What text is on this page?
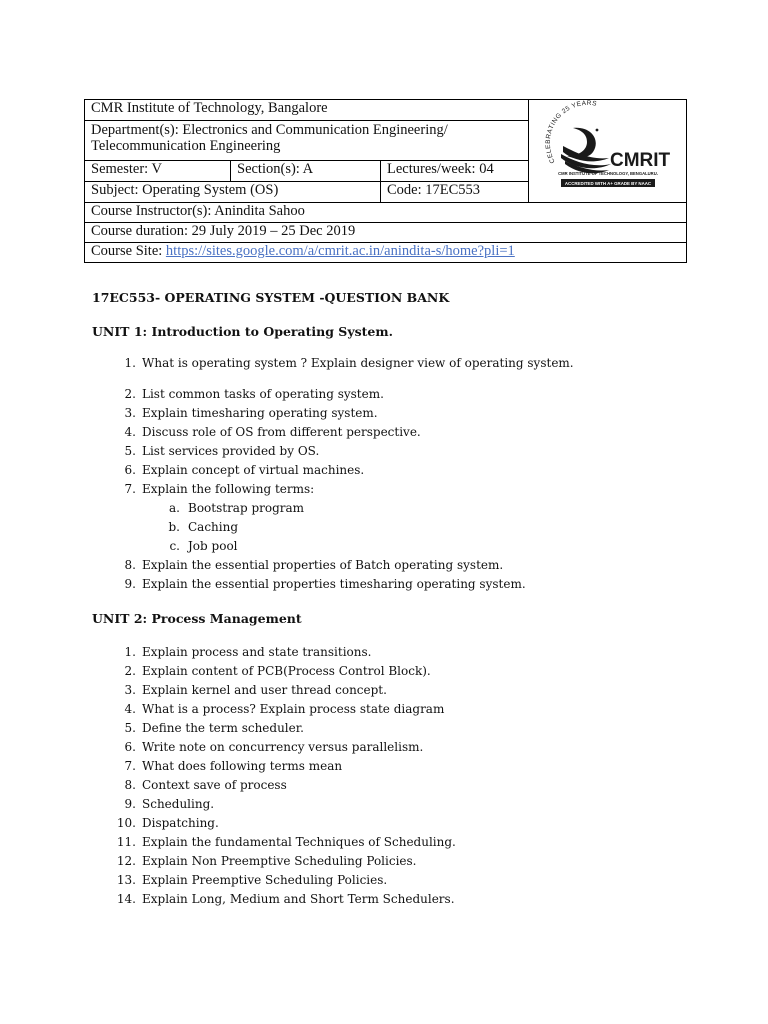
CMR Institute of Technology, Bangalore			CELEBRATING 25 YEARS
CMRIT
CMR INSTITUTE OF TECHNOLOGY, BENGALURU.
ACCREDITED WITH A+ GRADE BY NAAC

Department(s): Electronics and Communication Engineering/ Telecommunication Engineering			
Semester: V	Section(s): A	Lectures/week: 04	
Subject: Operating System (OS)		Code: 17EC553	
Course Instructor(s): Anindita Sahoo			
Course duration: 29 July 2019 – 25 Dec 2019			
Course Site: https://sites.google.com/a/cmrit.ac.in/anindita-s/home?pli=1			

17EC553- OPERATING SYSTEM -QUESTION BANK

UNIT 1: Introduction to Operating System.

1. What is operating system ? Explain designer view of operating system.
2. List common tasks of operating system.
3. Explain timesharing operating system.
4. Discuss role of OS from different perspective.
5. List services provided by OS.
6. Explain concept of virtual machines.
7. Explain the following terms:
a. Bootstrap program
b. Caching
c. Job pool
8. Explain the essential properties of Batch operating system.
9. Explain the essential properties timesharing operating system.

UNIT 2: Process Management

1. Explain process and state transitions.
2. Explain content of PCB(Process Control Block).
3. Explain kernel and user thread concept.
4. What is a process? Explain process state diagram
5. Define the term scheduler.
6. Write note on concurrency versus parallelism.
7. What does following terms mean
8. Context save of process
9. Scheduling.
10. Dispatching.
11. Explain the fundamental Techniques of Scheduling.
12. Explain Non Preemptive Scheduling Policies.
13. Explain Preemptive Scheduling Policies.
14. Explain Long, Medium and Short Term Schedulers.
